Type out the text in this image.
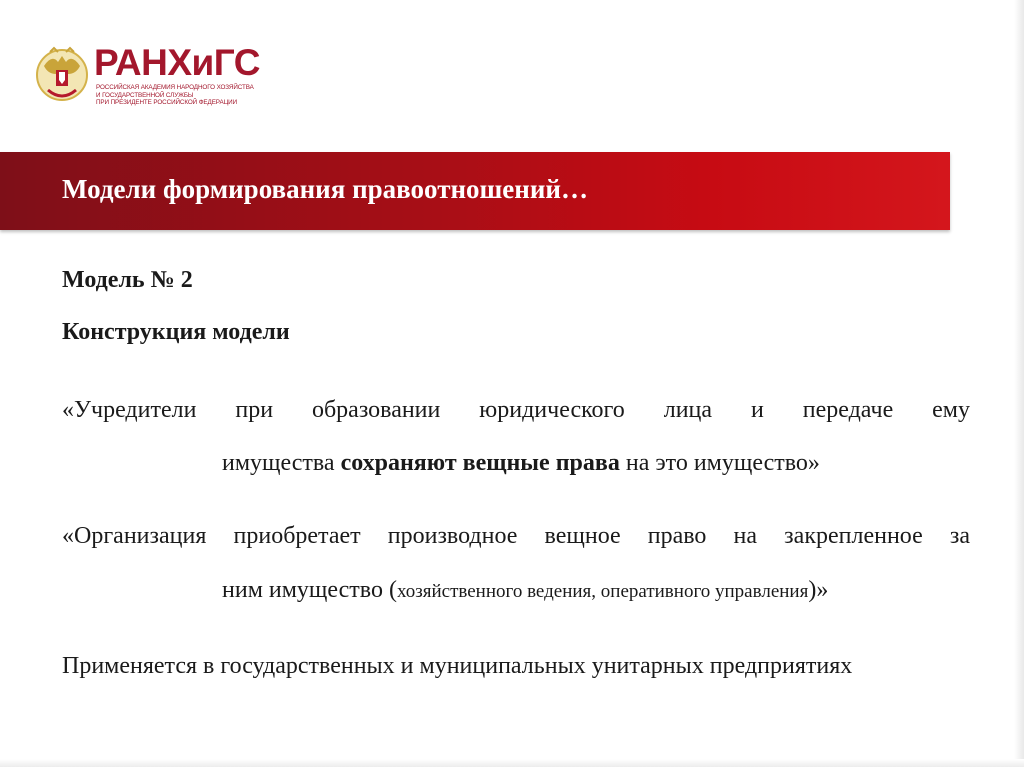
РАНХиГС
РОССИЙСКАЯ АКАДЕМИЯ НАРОДНОГО ХОЗЯЙСТВА
И ГОСУДАРСТВЕННОЙ СЛУЖБЫ
ПРИ ПРЕЗИДЕНТЕ РОССИЙСКОЙ ФЕДЕРАЦИИ
Модели формирования правоотношений…
Модель № 2
Конструкция модели
«Учредители при образовании юридического лица и передаче ему
имущества сохраняют вещные права на это имущество»
«Организация приобретает производное вещное право на закрепленное за
ним имущество (хозяйственного ведения, оперативного управления)»
Применяется в государственных и муниципальных унитарных предприятиях
